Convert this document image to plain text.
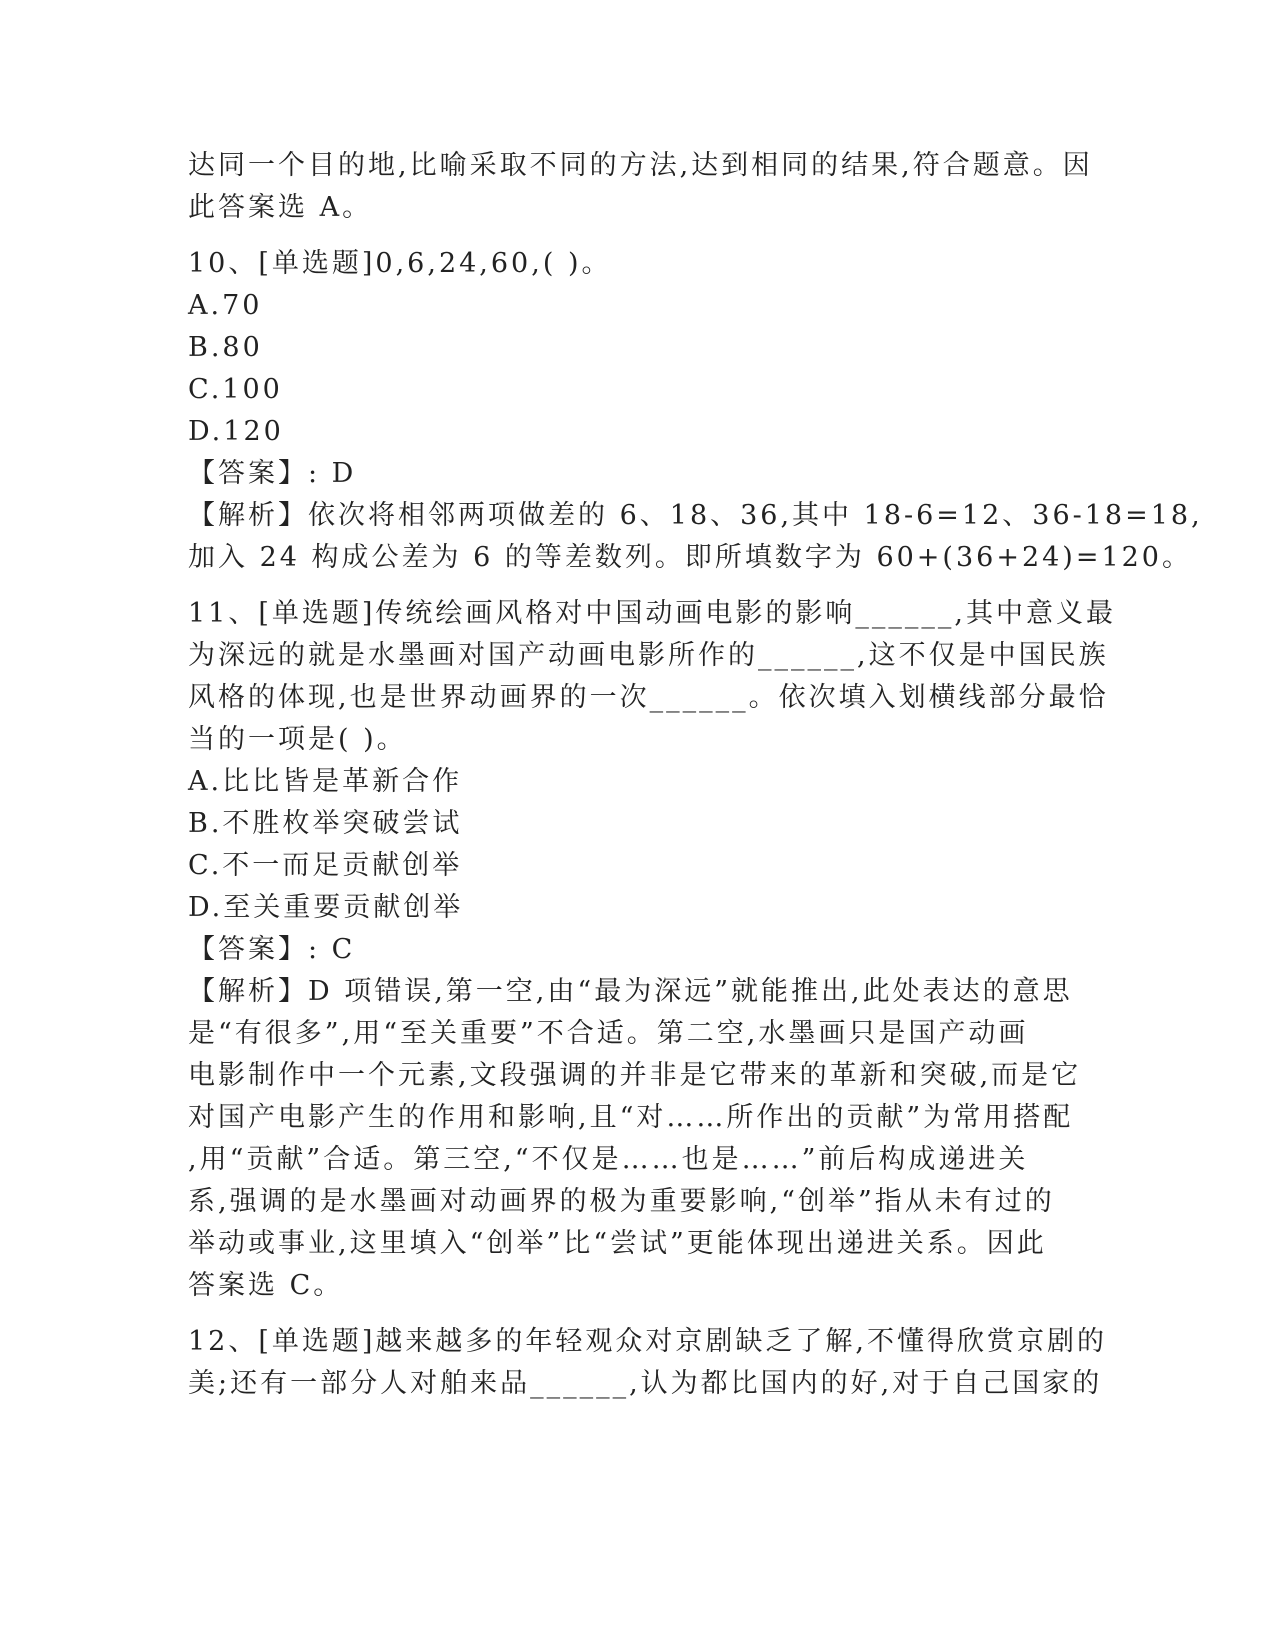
达同一个目的地,比喻采取不同的方法,达到相同的结果,符合题意。因
此答案选 A。
10、[单选题]0,6,24,60,( )。
A.70
B.80
C.100
D.120
【答案】: D
【解析】依次将相邻两项做差的 6、18、36,其中 18-6=12、36-18=18,
加入 24 构成公差为 6 的等差数列。即所填数字为 60+(36+24)=120。
11、[单选题]传统绘画风格对中国动画电影的影响______,其中意义最
为深远的就是水墨画对国产动画电影所作的______,这不仅是中国民族
风格的体现,也是世界动画界的一次______。依次填入划横线部分最恰
当的一项是( )。
A.比比皆是革新合作
B.不胜枚举突破尝试
C.不一而足贡献创举
D.至关重要贡献创举
【答案】: C
【解析】D 项错误,第一空,由“最为深远”就能推出,此处表达的意思
是“有很多”,用“至关重要”不合适。第二空,水墨画只是国产动画
电影制作中一个元素,文段强调的并非是它带来的革新和突破,而是它
对国产电影产生的作用和影响,且“对……所作出的贡献”为常用搭配
,用“贡献”合适。第三空,“不仅是……也是……”前后构成递进关
系,强调的是水墨画对动画界的极为重要影响,“创举”指从未有过的
举动或事业,这里填入“创举”比“尝试”更能体现出递进关系。因此
答案选 C。
12、[单选题]越来越多的年轻观众对京剧缺乏了解,不懂得欣赏京剧的
美;还有一部分人对舶来品______,认为都比国内的好,对于自己国家的
